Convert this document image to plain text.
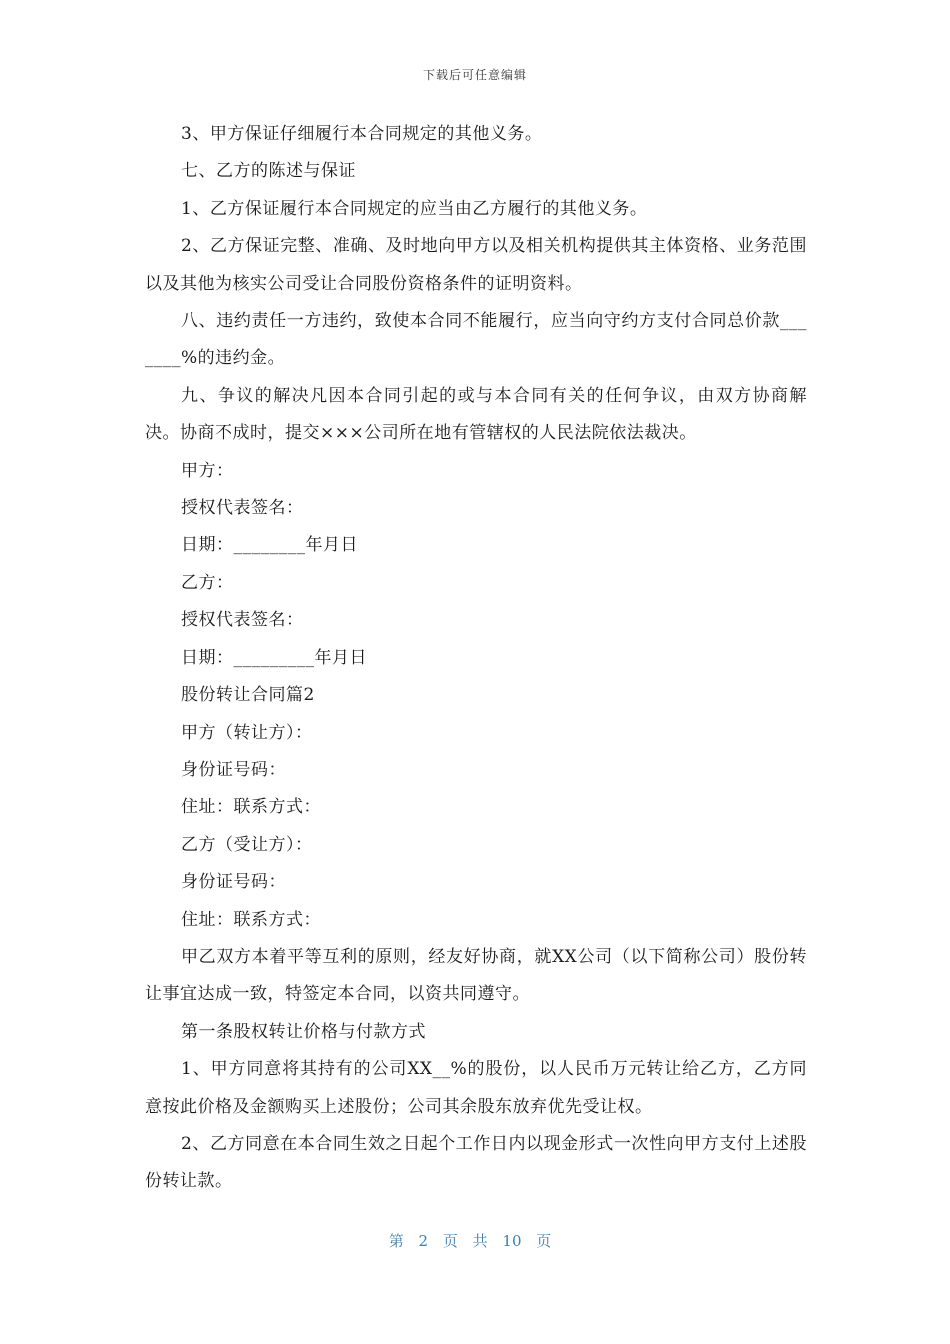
下载后可任意编辑

3、甲方保证仔细履行本合同规定的其他义务。

七、乙方的陈述与保证

1、乙方保证履行本合同规定的应当由乙方履行的其他义务。

2、乙方保证完整、准确、及时地向甲方以及相关机构提供其主体资格、业务范围以及其他为核实公司受让合同股份资格条件的证明资料。

八、违约责任一方违约，致使本合同不能履行，应当向守约方支付合同总价款_______%的违约金。

九、争议的解决凡因本合同引起的或与本合同有关的任何争议，由双方协商解决。协商不成时，提交×××公司所在地有管辖权的人民法院依法裁决。

甲方：

授权代表签名：

日期：________年月日

乙方：

授权代表签名：

日期：_________年月日

股份转让合同篇2

甲方（转让方）：

身份证号码：

住址：联系方式：

乙方（受让方）：

身份证号码：

住址：联系方式：

甲乙双方本着平等互利的原则，经友好协商，就XX公司（以下简称公司）股份转让事宜达成一致，特签定本合同，以资共同遵守。

第一条股权转让价格与付款方式

1、甲方同意将其持有的公司XX__%的股份，以人民币万元转让给乙方，乙方同意按此价格及金额购买上述股份；公司其余股东放弃优先受让权。

2、乙方同意在本合同生效之日起个工作日内以现金形式一次性向甲方支付上述股份转让款。

第 2 页 共 10 页
